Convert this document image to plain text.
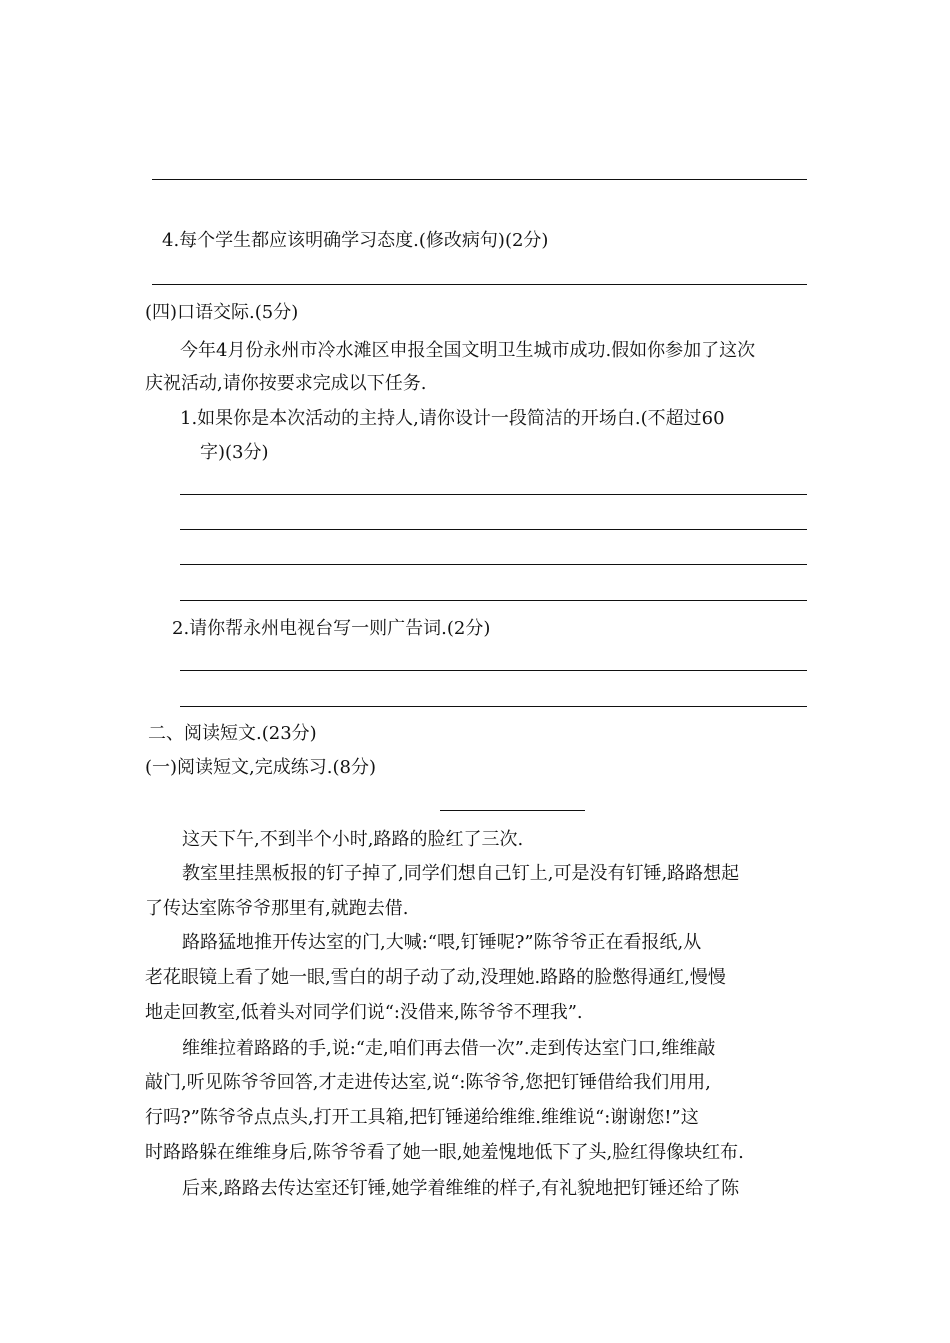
4.每个学生都应该明确学习态度.(修改病句)(2分)
(四)口语交际.(5分)
今年4月份永州市冷水滩区申报全国文明卫生城市成功.假如你参加了这次
庆祝活动,请你按要求完成以下任务.
1.如果你是本次活动的主持人,请你设计一段简洁的开场白.(不超过60
字)(3分)
2.请你帮永州电视台写一则广告词.(2分)
二、阅读短文.(23分)
(一)阅读短文,完成练习.(8分)
这天下午,不到半个小时,路路的脸红了三次.
教室里挂黑板报的钉子掉了,同学们想自己钉上,可是没有钉锤,路路想起
了传达室陈爷爷那里有,就跑去借.
路路猛地推开传达室的门,大喊:“喂,钉锤呢?”陈爷爷正在看报纸,从
老花眼镜上看了她一眼,雪白的胡子动了动,没理她.路路的脸憋得通红,慢慢
地走回教室,低着头对同学们说“:没借来,陈爷爷不理我”.
维维拉着路路的手,说:“走,咱们再去借一次”.走到传达室门口,维维敲
敲门,听见陈爷爷回答,才走进传达室,说“:陈爷爷,您把钉锤借给我们用用,
行吗?”陈爷爷点点头,打开工具箱,把钉锤递给维维.维维说“:谢谢您!”这
时路路躲在维维身后,陈爷爷看了她一眼,她羞愧地低下了头,脸红得像块红布.
后来,路路去传达室还钉锤,她学着维维的样子,有礼貌地把钉锤还给了陈
